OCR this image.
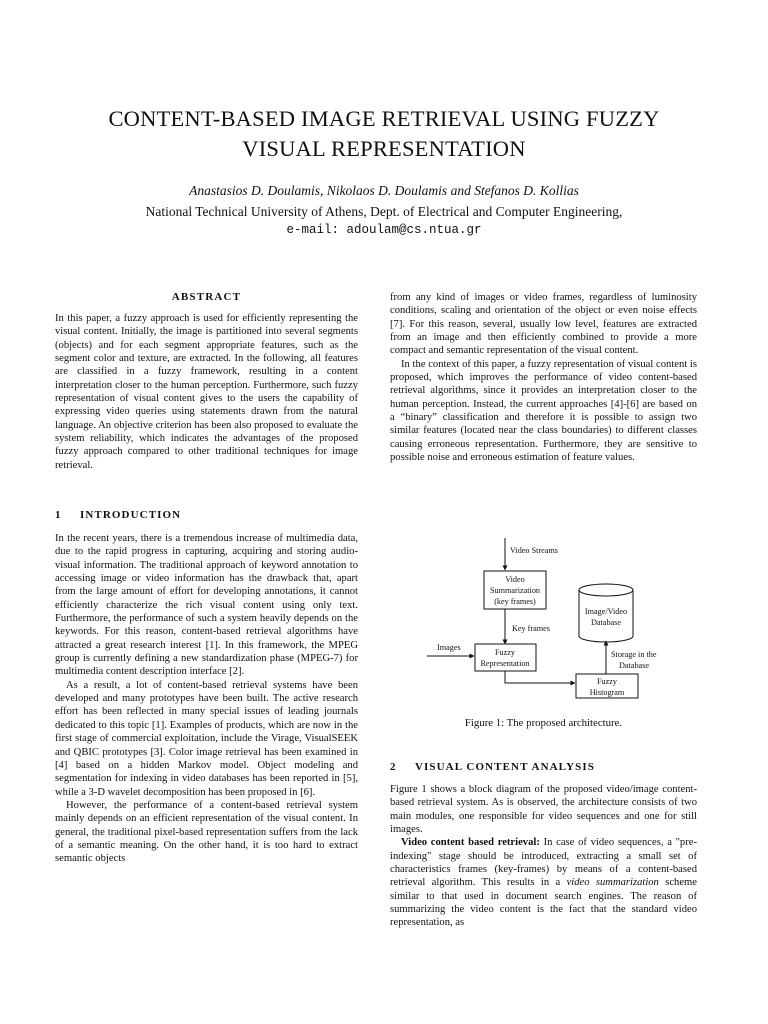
CONTENT-BASED IMAGE RETRIEVAL USING FUZZY
VISUAL REPRESENTATION
Anastasios D. Doulamis, Nikolaos D. Doulamis and Stefanos D. Kollias
National Technical University of Athens, Dept. of Electrical and Computer Engineering,
e-mail: adoulam@cs.ntua.gr
ABSTRACT

In this paper, a fuzzy approach is used for efficiently representing the visual content. Initially, the image is partitioned into several segments (objects) and for each segment appropriate features, such as the segment color and texture, are extracted. In the following, all features are classified in a fuzzy framework, resulting in a content interpretation closer to the human perception. Furthermore, such fuzzy representation of visual content gives to the users the capability of expressing video queries using statements drawn from the natural language. An objective criterion has been also proposed to evaluate the system reliability, which indicates the advantages of the proposed fuzzy approach compared to other traditional techniques for image retrieval.

1 INTRODUCTION

In the recent years, there is a tremendous increase of multimedia data, due to the rapid progress in capturing, acquiring and storing audio-visual information. The traditional approach of keyword annotation to accessing image or video information has the drawback that, apart from the large amount of effort for developing annotations, it cannot efficiently characterize the rich visual content using only text. Furthermore, the performance of such a system heavily depends on the keywords. For this reason, content-based retrieval algorithms have attracted a great research interest [1]. In this framework, the MPEG group is currently defining a new standardization phase (MPEG-7) for multimedia content description interface [2].

As a result, a lot of content-based retrieval systems have been developed and many prototypes have been built. The active research effort has been reflected in many special issues of leading journals dedicated to this topic [1]. Examples of products, which are now in the first stage of commercial exploitation, include the Virage, VisualSEEK and QBIC prototypes [3]. Color image retrieval has been examined in [4] based on a hidden Markov model. Object modeling and segmentation for indexing in video databases has been reported in [5], while a 3-D wavelet decomposition has been proposed in [6].

However, the performance of a content-based retrieval system mainly depends on an efficient representation of the visual content. In general, the traditional pixel-based representation suffers from the lack of a semantic meaning. On the other hand, it is too hard to extract semantic objects

from any kind of images or video frames, regardless of luminosity conditions, scaling and orientation of the object or even noise effects [7]. For this reason, several, usually low level, features are extracted from an image and then efficiently combined to provide a more compact and semantic representation of the visual content.

In the context of this paper, a fuzzy representation of visual content is proposed, which improves the performance of video content-based retrieval algorithms, since it provides an interpretation closer to the human perception. Instead, the current approaches [4]-[6] are based on a “binary” classification and therefore it is possible to assign two similar features (located near the class boundaries) to different classes causing erroneous representation. Furthermore, they are sensitive to possible noise and erroneous estimation of feature values.

Video Streams
Video
Summarization
(key frames)
Image/Video
Database
Key frames
Images
Fuzzy
Representation
Storage in the
Database
Fuzzy
Histogram
Figure 1: The proposed architecture.
2 VISUAL CONTENT ANALYSIS

Figure 1 shows a block diagram of the proposed video/image content-based retrieval system. As is observed, the architecture consists of two main modules, one responsible for video sequences and one for still images.

Video content based retrieval: In case of video sequences, a "pre-indexing" stage should be introduced, extracting a small set of characteristics frames (key-frames) by means of a content-based retrieval algorithm. This results in a video summarization scheme similar to that used in document search engines. The reason of summarizing the video content is the fact that the standard video representation, as
